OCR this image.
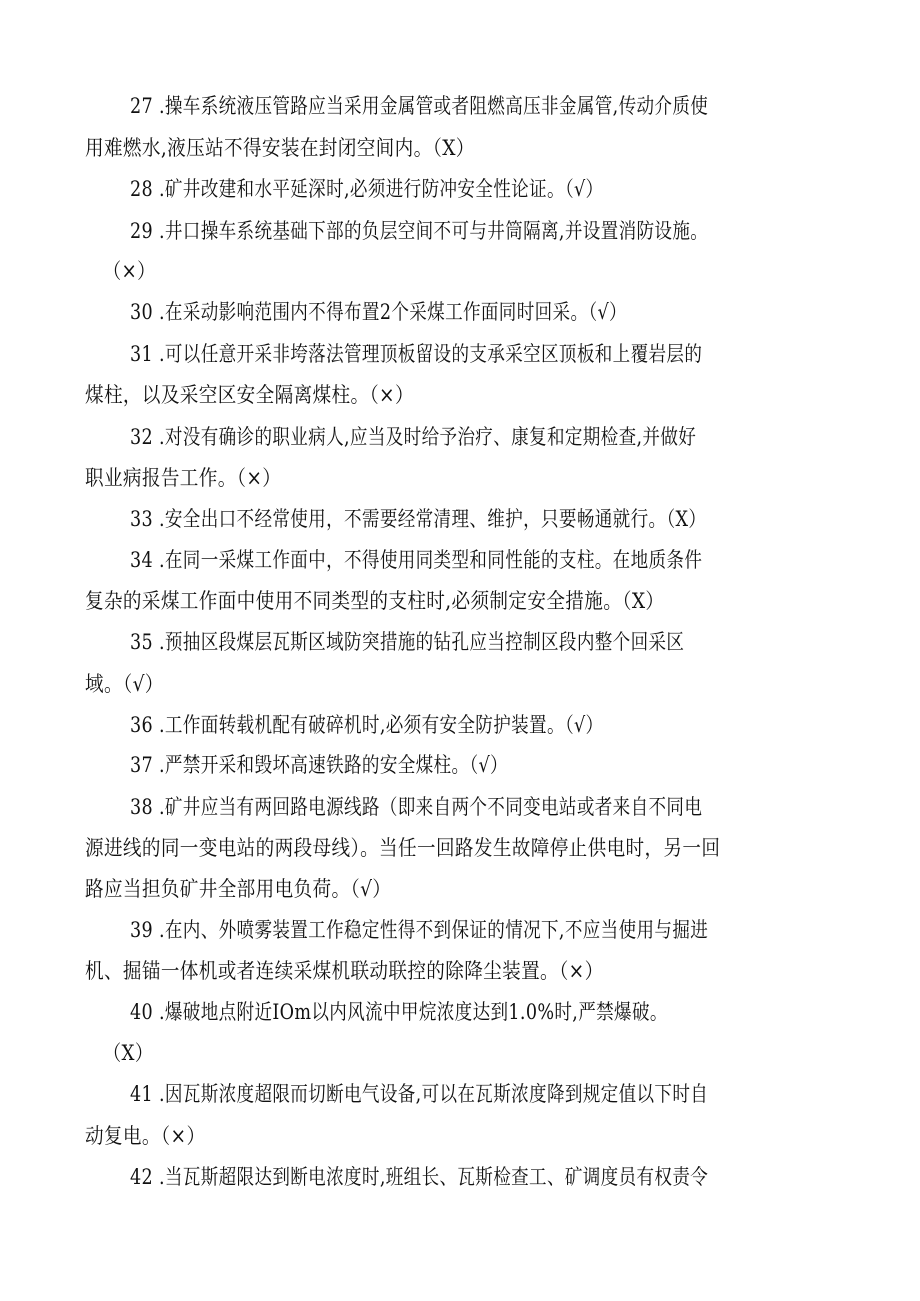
27 .操车系统液压管路应当采用金属管或者阻燃高压非金属管,传动介质使
用难燃水,液压站不得安装在封闭空间内。（X）
28 .矿井改建和水平延深时,必须进行防冲安全性论证。（√）
29 .井口操车系统基础下部的负层空间不可与井筒隔离,并设置消防设施。
（×）
30 .在采动影响范围内不得布置2个采煤工作面同时回采。（√）
31 .可以任意开采非垮落法管理顶板留设的支承采空区顶板和上覆岩层的
煤柱，以及采空区安全隔离煤柱。（×）
32 .对没有确诊的职业病人,应当及时给予治疗、康复和定期检查,并做好
职业病报告工作。（×）
33 .安全出口不经常使用，不需要经常清理、维护，只要畅通就行。（X）
34 .在同一采煤工作面中，不得使用同类型和同性能的支柱。在地质条件
复杂的采煤工作面中使用不同类型的支柱时,必须制定安全措施。（X）
35 .预抽区段煤层瓦斯区域防突措施的钻孔应当控制区段内整个回采区
域。（√）
36 .工作面转载机配有破碎机时,必须有安全防护装置。（√）
37 .严禁开采和毁坏高速铁路的安全煤柱。（√）
38 .矿井应当有两回路电源线路（即来自两个不同变电站或者来自不同电
源进线的同一变电站的两段母线）。当任一回路发生故障停止供电时，另一回
路应当担负矿井全部用电负荷。（√）
39 .在内、外喷雾装置工作稳定性得不到保证的情况下,不应当使用与掘进
机、掘锚一体机或者连续采煤机联动联控的除降尘装置。（×）
40 .爆破地点附近IOm以内风流中甲烷浓度达到1.0%时,严禁爆破。
（X）
41 .因瓦斯浓度超限而切断电气设备,可以在瓦斯浓度降到规定值以下时自
动复电。（×）
42 .当瓦斯超限达到断电浓度时,班组长、瓦斯检查工、矿调度员有权责令
